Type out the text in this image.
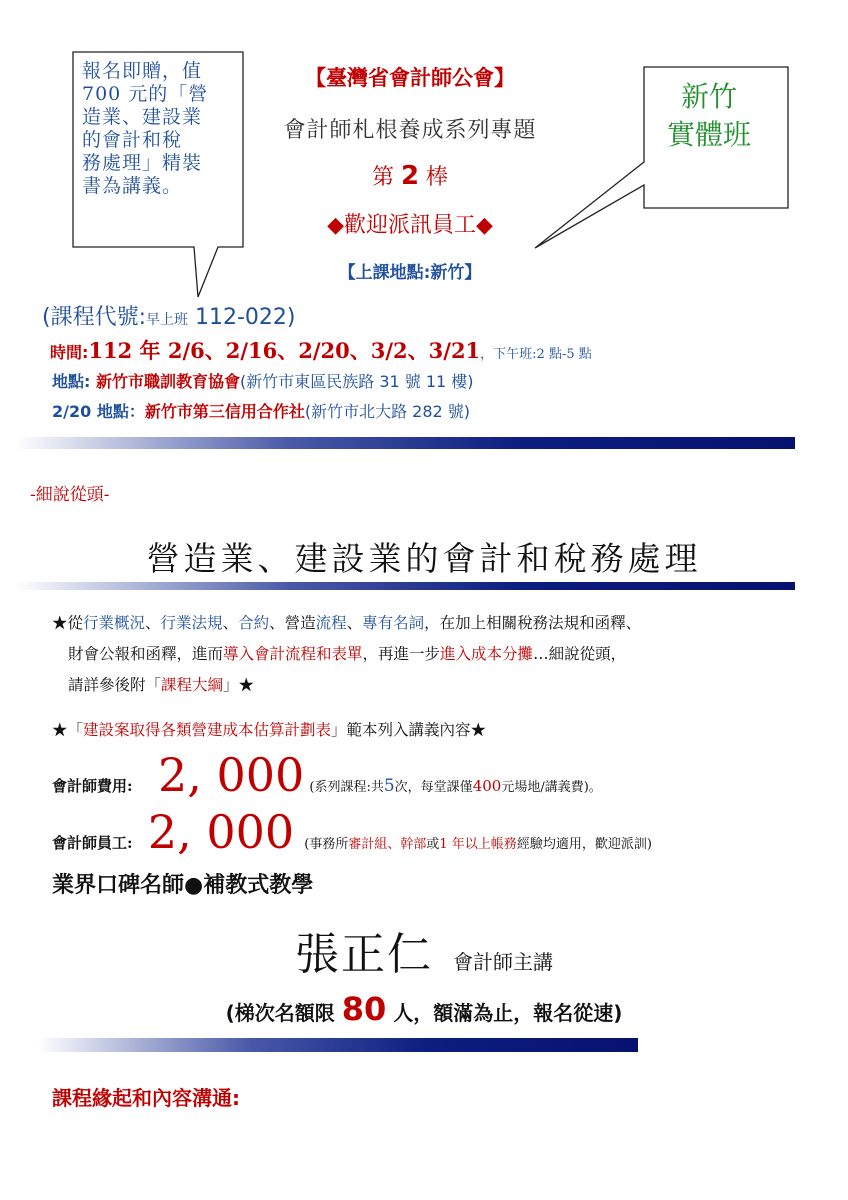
報名即贈，值
700 元的「營
造業、建設業
的會計和稅
務處理」精裝
書為講義。
新竹
實體班
【臺灣省會計師公會】
會計師札根養成系列專題
第 2 棒
◆歡迎派訊員工◆
【上課地點:新竹】
(課程代號:早上班 112-022)
時間:112 年 2/6、2/16、2/20、3/2、3/21，下午班:2 點-5 點
地點: 新竹市職訓教育協會(新竹市東區民族路 31 號 11 樓)
2/20 地點：新竹市第三信用合作社(新竹市北大路 282 號)
-細說從頭-
營造業、建設業的會計和稅務處理
★從行業概況、行業法規、合約、營造流程、專有名詞，在加上相關稅務法規和函釋、
財會公報和函釋，進而導入會計流程和表單，再進一步進入成本分攤…細說從頭，
請詳參後附「課程大綱」★
★「建設案取得各類營建成本估算計劃表」範本列入講義內容★
會計師費用: 2, 000 (系列課程:共5次，每堂課僅400元場地/講義費)。
會計師員工: 2, 000 (事務所審計組、幹部或1 年以上帳務經驗均適用，歡迎派訓)
業界口碑名師●補教式教學
張正仁 會計師主講
(梯次名額限 80 人，額滿為止，報名從速)
課程緣起和內容溝通:
